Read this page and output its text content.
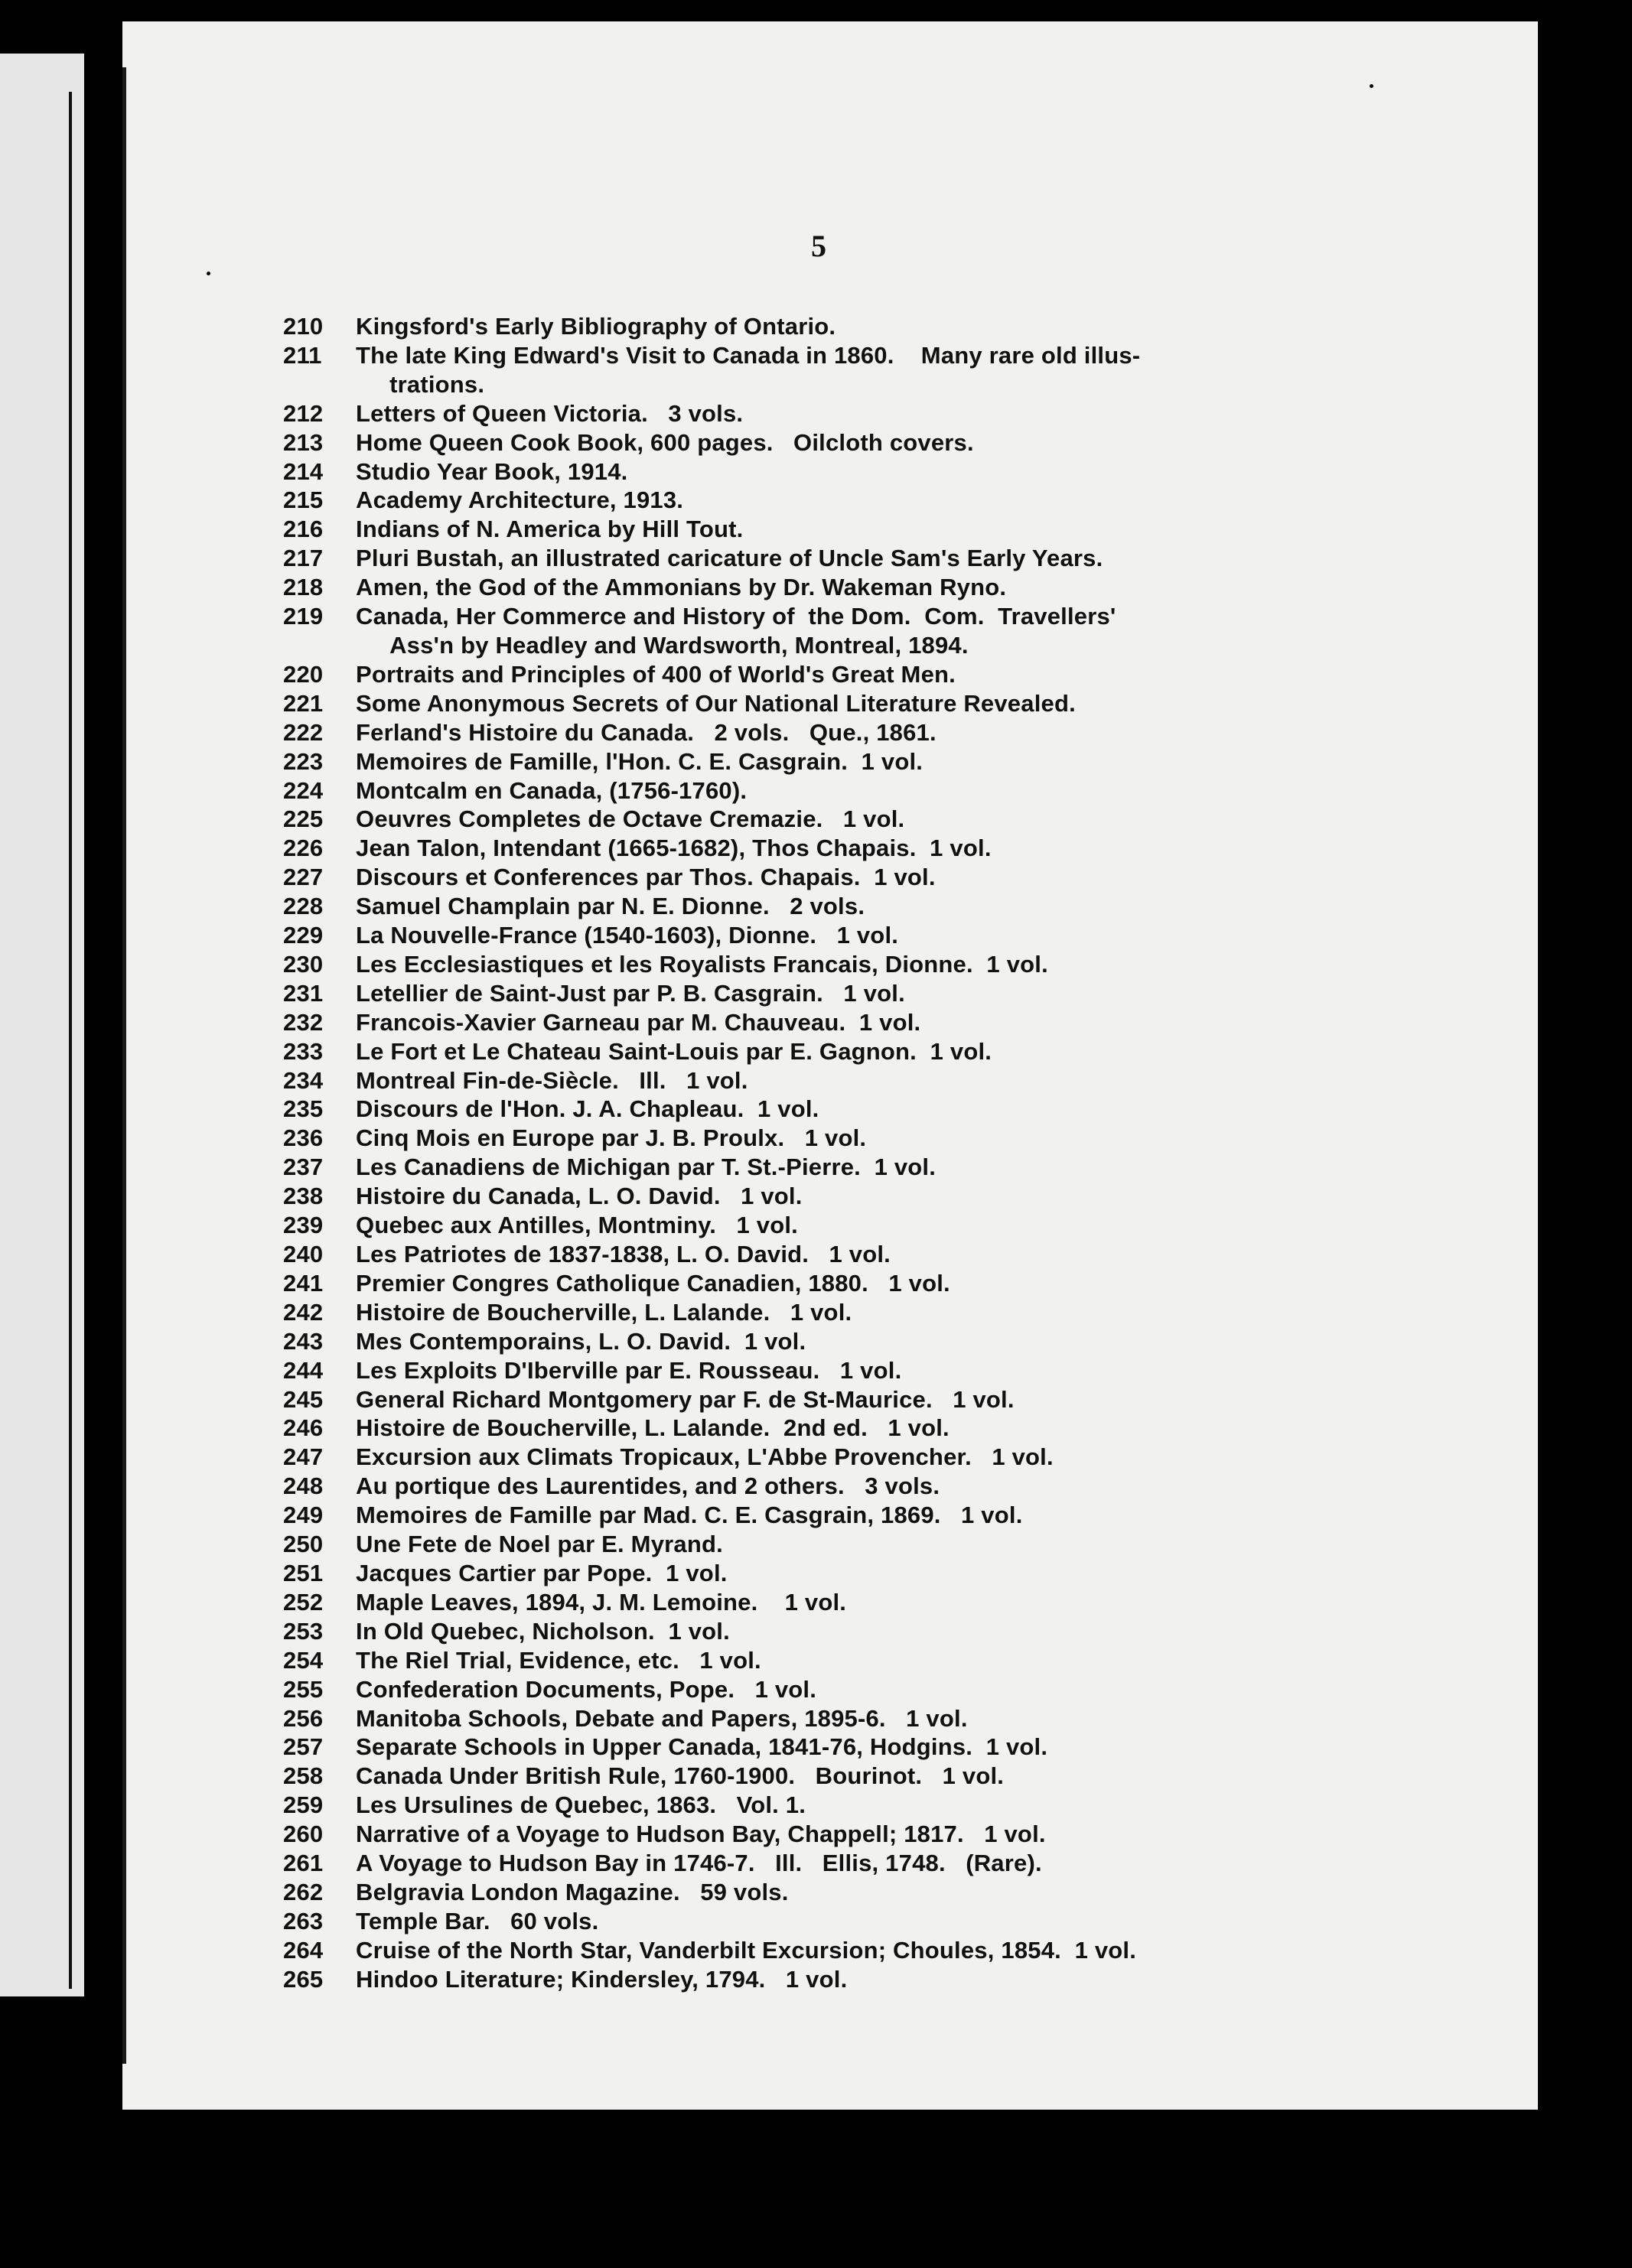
5
210	Kingsford's Early Bibliography of Ontario.
211	The late King Edward's Visit to Canada in 1860.    Many rare old illus-
trations.
212	Letters of Queen Victoria.   3 vols.
213	Home Queen Cook Book, 600 pages.   Oilcloth covers.
214	Studio Year Book, 1914.
215	Academy Architecture, 1913.
216	Indians of N. America by Hill Tout.
217	Pluri Bustah, an illustrated caricature of Uncle Sam's Early Years.
218	Amen, the God of the Ammonians by Dr. Wakeman Ryno.
219	Canada, Her Commerce and History of  the Dom.  Com.  Travellers'
Ass'n by Headley and Wardsworth, Montreal, 1894.
220	Portraits and Principles of 400 of World's Great Men.
221	Some Anonymous Secrets of Our National Literature Revealed.
222	Ferland's Histoire du Canada.   2 vols.   Que., 1861.
223	Memoires de Famille, l'Hon. C. E. Casgrain.  1 vol.
224	Montcalm en Canada, (1756-1760).
225	Oeuvres Completes de Octave Cremazie.   1 vol.
226	Jean Talon, Intendant (1665-1682), Thos Chapais.  1 vol.
227	Discours et Conferences par Thos. Chapais.  1 vol.
228	Samuel Champlain par N. E. Dionne.   2 vols.
229	La Nouvelle-France (1540-1603), Dionne.   1 vol.
230	Les Ecclesiastiques et les Royalists Francais, Dionne.  1 vol.
231	Letellier de Saint-Just par P. B. Casgrain.   1 vol.
232	Francois-Xavier Garneau par M. Chauveau.  1 vol.
233	Le Fort et Le Chateau Saint-Louis par E. Gagnon.  1 vol.
234	Montreal Fin-de-Siècle.   Ill.   1 vol.
235	Discours de l'Hon. J. A. Chapleau.  1 vol.
236	Cinq Mois en Europe par J. B. Proulx.   1 vol.
237	Les Canadiens de Michigan par T. St.-Pierre.  1 vol.
238	Histoire du Canada, L. O. David.   1 vol.
239	Quebec aux Antilles, Montminy.   1 vol.
240	Les Patriotes de 1837-1838, L. O. David.   1 vol.
241	Premier Congres Catholique Canadien, 1880.   1 vol.
242	Histoire de Boucherville, L. Lalande.   1 vol.
243	Mes Contemporains, L. O. David.  1 vol.
244	Les Exploits D'Iberville par E. Rousseau.   1 vol.
245	General Richard Montgomery par F. de St-Maurice.   1 vol.
246	Histoire de Boucherville, L. Lalande.  2nd ed.   1 vol.
247	Excursion aux Climats Tropicaux, L'Abbe Provencher.   1 vol.
248	Au portique des Laurentides, and 2 others.   3 vols.
249	Memoires de Famille par Mad. C. E. Casgrain, 1869.   1 vol.
250	Une Fete de Noel par E. Myrand.
251	Jacques Cartier par Pope.  1 vol.
252	Maple Leaves, 1894, J. M. Lemoine.    1 vol.
253	In Old Quebec, Nicholson.  1 vol.
254	The Riel Trial, Evidence, etc.   1 vol.
255	Confederation Documents, Pope.   1 vol.
256	Manitoba Schools, Debate and Papers, 1895-6.   1 vol.
257	Separate Schools in Upper Canada, 1841-76, Hodgins.  1 vol.
258	Canada Under British Rule, 1760-1900.   Bourinot.   1 vol.
259	Les Ursulines de Quebec, 1863.   Vol. 1.
260	Narrative of a Voyage to Hudson Bay, Chappell; 1817.   1 vol.
261	A Voyage to Hudson Bay in 1746-7.   Ill.   Ellis, 1748.   (Rare).
262	Belgravia London Magazine.   59 vols.
263	Temple Bar.   60 vols.
264	Cruise of the North Star, Vanderbilt Excursion; Choules, 1854.  1 vol.
265	Hindoo Literature; Kindersley, 1794.   1 vol.
